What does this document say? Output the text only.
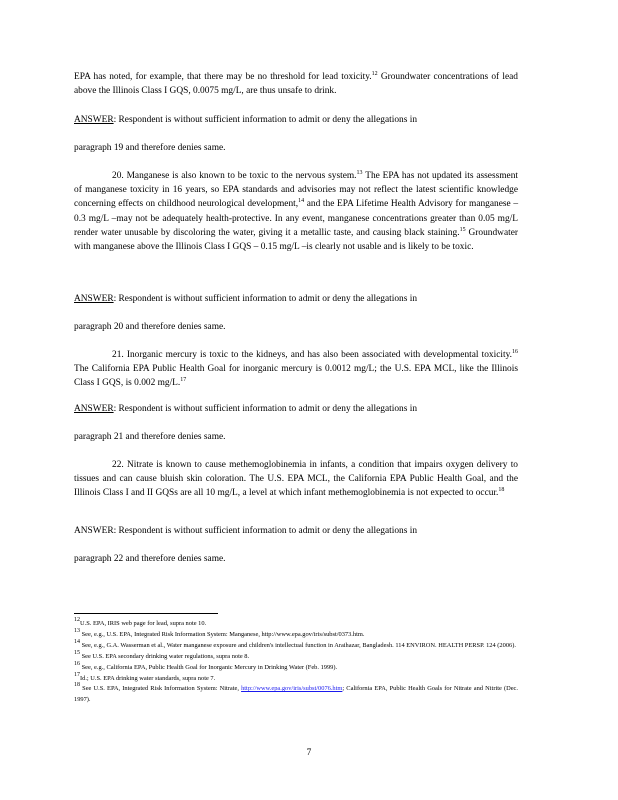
EPA has noted, for example, that there may be no threshold for lead toxicity.$^{12}$ Groundwater concentrations of lead above the Illinois Class I GQS, 0.0075 mg/L, are thus unsafe to drink.

ANSWER: Respondent is without sufficient information to admit or deny the allegations in

paragraph 19 and therefore denies same.

20. Manganese is also known to be toxic to the nervous system.$^{13}$ The EPA has not updated its assessment of manganese toxicity in 16 years, so EPA standards and advisories may not reflect the latest scientific knowledge concerning effects on childhood neurological development,$^{14}$ and the EPA Lifetime Health Advisory for manganese – 0.3 mg/L –may not be adequately health-protective. In any event, manganese concentrations greater than 0.05 mg/L render water unusable by discoloring the water, giving it a metallic taste, and causing black staining.$^{15}$ Groundwater with manganese above the Illinois Class I GQS – 0.15 mg/L –is clearly not usable and is likely to be toxic.

ANSWER: Respondent is without sufficient information to admit or deny the allegations in

paragraph 20 and therefore denies same.

21. Inorganic mercury is toxic to the kidneys, and has also been associated with developmental toxicity.$^{16}$ The California EPA Public Health Goal for inorganic mercury is 0.0012 mg/L; the U.S. EPA MCL, like the Illinois Class I GQS, is 0.002 mg/L.$^{17}$

ANSWER: Respondent is without sufficient information to admit or deny the allegations in

paragraph 21 and therefore denies same.

22. Nitrate is known to cause methemoglobinemia in infants, a condition that impairs oxygen delivery to tissues and can cause bluish skin coloration. The U.S. EPA MCL, the California EPA Public Health Goal, and the Illinois Class I and II GQSs are all 10 mg/L, a level at which infant methemoglobinemia is not expected to occur.$^{18}$

ANSWER: Respondent is without sufficient information to admit or deny the allegations in

paragraph 22 and therefore denies same.

$^{12}$U.S. EPA, IRIS web page for lead, supra note 10.

$^{13}$ See, e.g., U.S. EPA, Integrated Risk Information System: Manganese, http://www.epa.gov/iris/subst/0373.htm.

$^{14}$ See, e.g., G.A. Wasserman et al., Water manganese exposure and children's intellectual function in Araihazar, Bangladesh. 114 ENVIRON. HEALTH PERSP. 124 (2006).

$^{15}$ See U.S. EPA secondary drinking water regulations, supra note 8.

$^{16}$ See, e.g., California EPA, Public Health Goal for Inorganic Mercury in Drinking Water (Feb. 1999).

$^{17}$Id.; U.S. EPA drinking water standards, supra note 7.

$^{18}$ See U.S. EPA, Integrated Risk Information System: Nitrate, http://www.epa.gov/iris/subst/0076.htm; California EPA, Public Health Goals for Nitrate and Nitrite (Dec. 1997).

7
